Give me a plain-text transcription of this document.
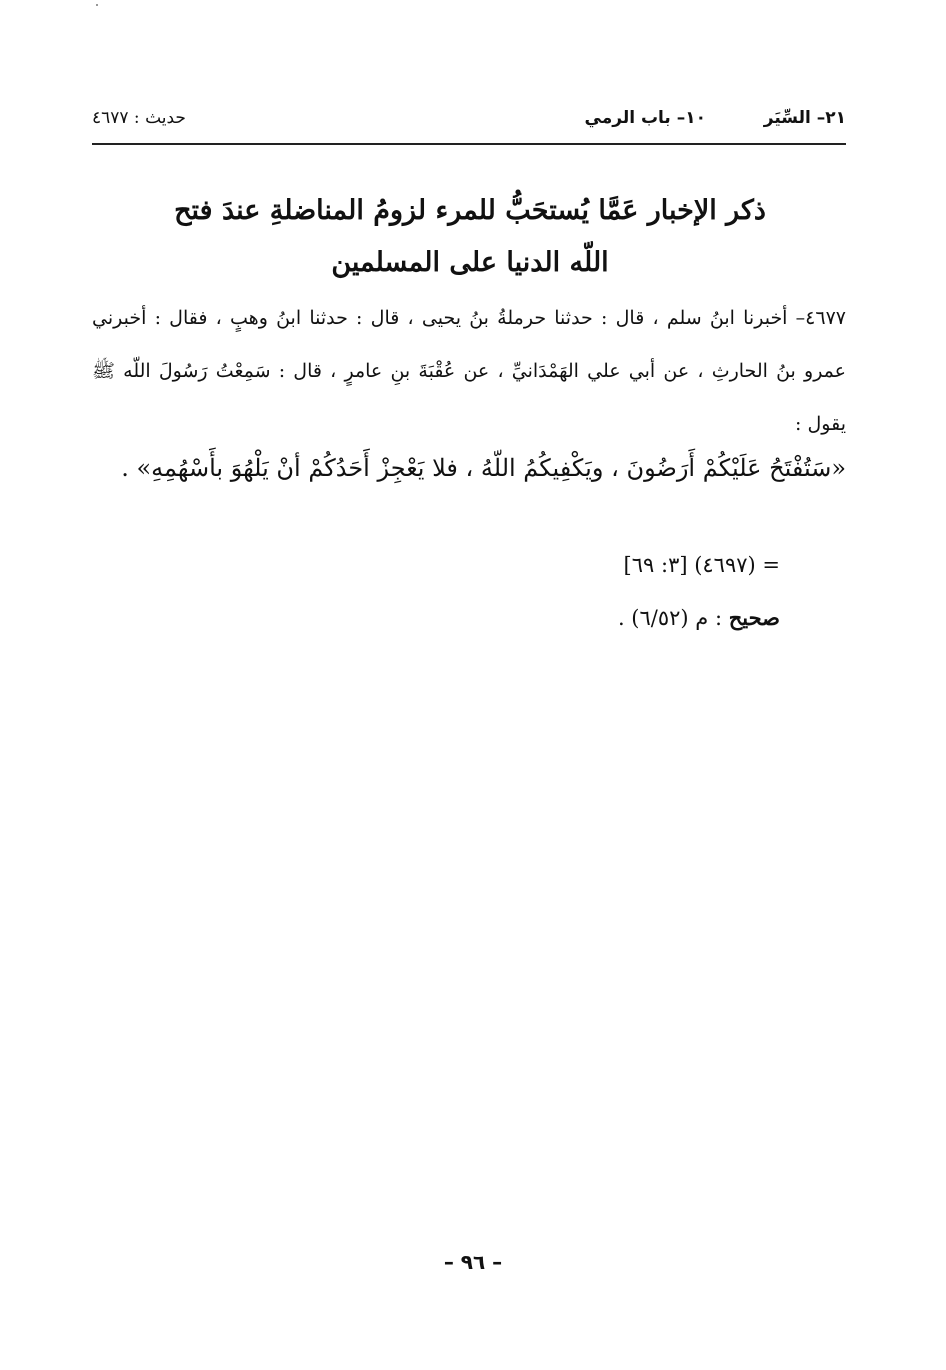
٢١– السِّيَر
١٠– باب الرمي
حديث : ٤٦٧٧
ذكر الإخبار عَمَّا يُستحَبُّ للمرء لزومُ المناضلةِ عندَ فتح اللّه الدنيا على المسلمين

٤٦٧٧– أخبرنا ابنُ سلم ، قال : حدثنا حرملةُ بنُ يحيى ، قال : حدثنا ابنُ وهبٍ ، فقال : أخبرني عمرو بنُ الحارثِ ، عن أبي علي الهَمْدَانيِّ ، عن عُقْبَةَ بنِ عامرٍ ، قال : سَمِعْتُ رَسُولَ اللّه ﷺ يقول :

«سَتُفْتَحُ عَلَيْكُمْ أَرَضُونَ ، ويَكْفِيكُمُ اللّهُ ، فلا يَعْجِزْ أَحَدُكُمْ أنْ يَلْهُوَ بأَسْهُمِهِ» .

= (٤٦٩٧) [٣: ٦٩]
صحيح : م (٦/٥٢) .
– ٩٦ –
